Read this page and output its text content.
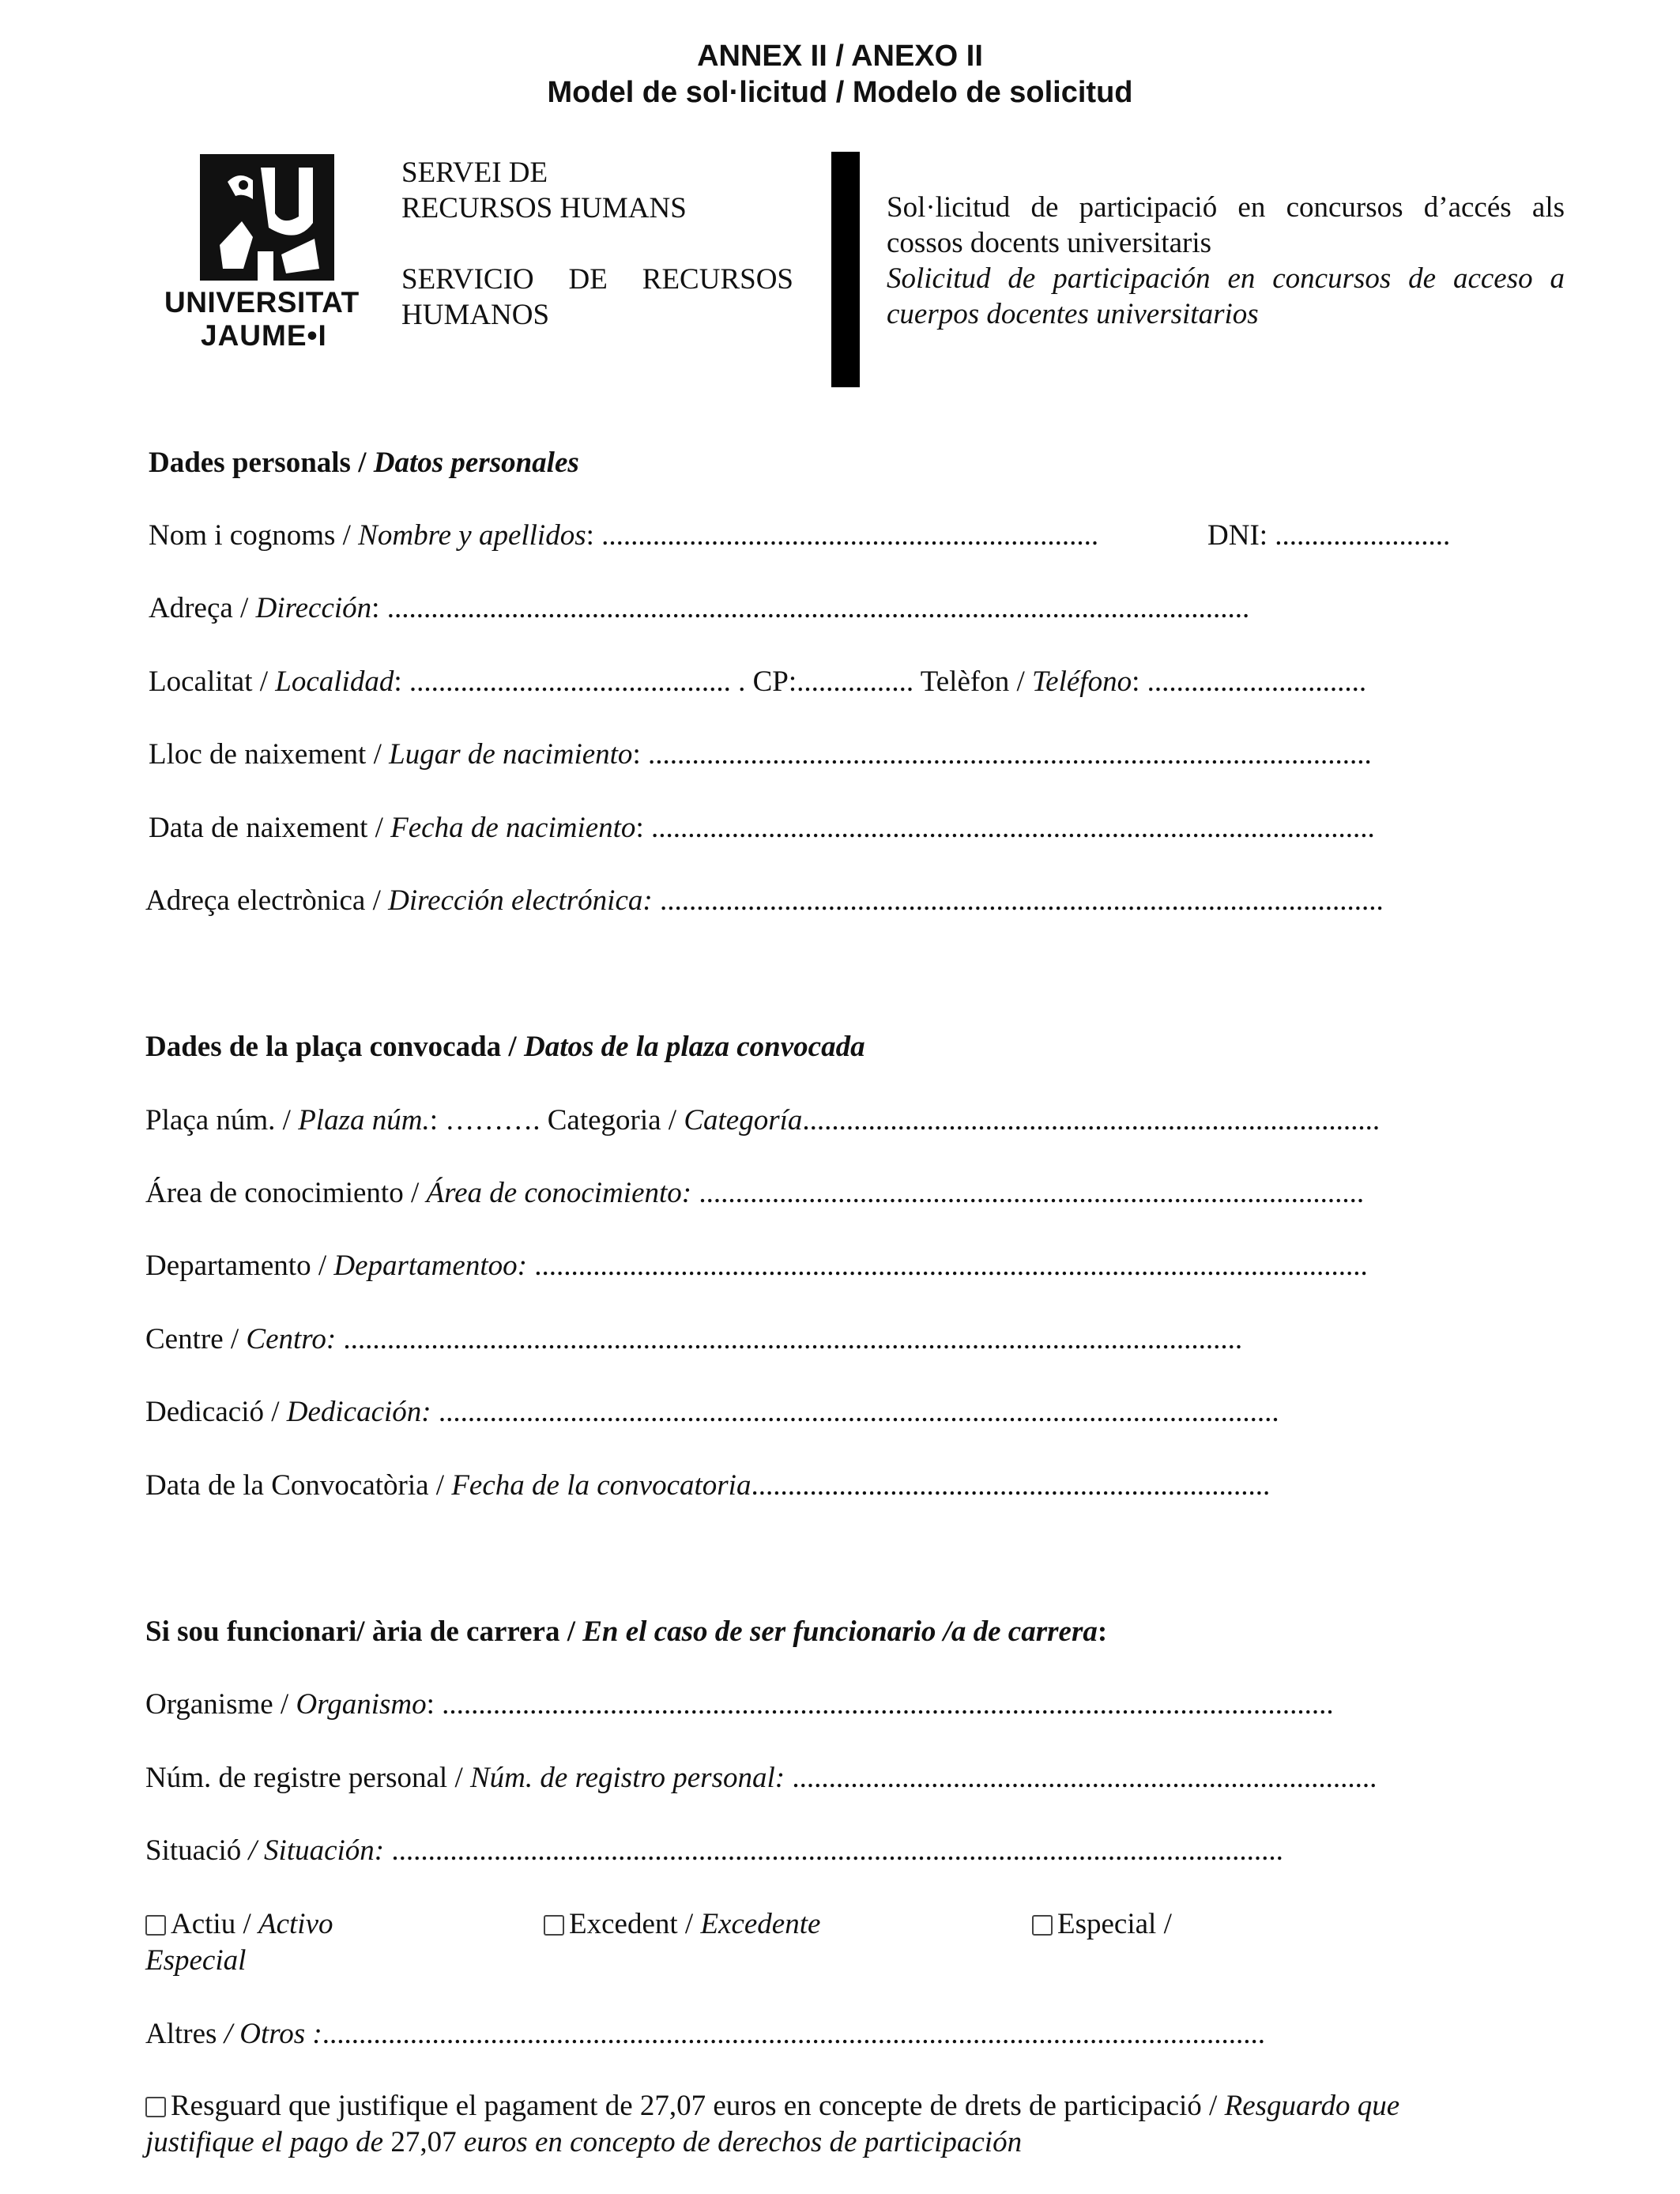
ANNEX II / ANEXO II
Model de sol·licitud / Modelo de solicitud
UNIVERSITAT
JAUME•I
SERVEI DE
RECURSOS HUMANS
SERVICIO DE RECURSOS
HUMANOS
Sol·licitud de participació en concursos d’accés als
cossos docents universitaris
Solicitud de participación en concursos de acceso a
cuerpos docentes universitarios
Dades personals / Datos personales
Nom i cognoms / Nombre y apellidos: ....................................................................	DNI: ........................
Adreça / Dirección: ......................................................................................................................
Localitat / Localidad: ............................................ . CP:................ Telèfon / Teléfono: ..............................
Lloc de naixement / Lugar de nacimiento: ...................................................................................................
Data de naixement / Fecha de nacimiento: ...................................................................................................
Adreça electrònica / Dirección electrónica: ...................................................................................................
Dades de la plaça convocada / Datos de la plaza convocada
Plaça núm. / Plaza núm.: ………. Categoria / Categoría...............................................................................
Área de conocimiento / Área de conocimiento: ...........................................................................................
Departamento / Departamentoo: ..................................................................................................................
Centre / Centro: ...........................................................................................................................
Dedicació / Dedicación: ...................................................................................................................
Data de la Convocatòria / Fecha de la convocatoria.......................................................................
Si sou funcionari/ ària de carrera / En el caso de ser funcionario /a de carrera:
Organisme / Organismo: ..........................................................................................................................
Núm. de registre personal / Núm. de registro personal: ................................................................................
Situació / Situación: ..........................................................................................................................
Actiu / Activo	Excedent / Excedente	Especial /
Especial
Altres / Otros :.................................................................................................................................
Resguard que justifique el pagament de 27,07 euros en concepte de drets de participació / Resguardo que
justifique el pago de 27,07 euros en concepto de derechos de participación
